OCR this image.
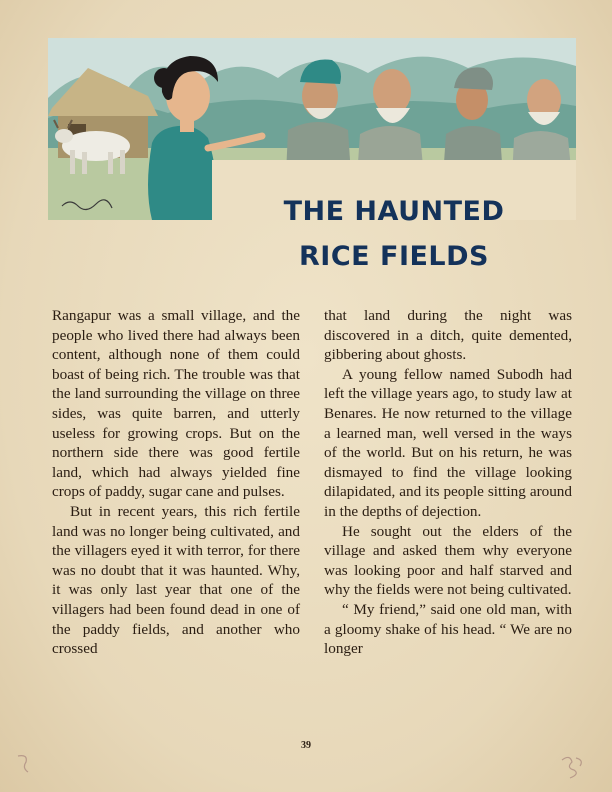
THE HAUNTED
RICE FIELDS

Rangapur was a small village, and the people who lived there had always been content, although none of them could boast of being rich. The trouble was that the land surrounding the village on three sides, was quite barren, and utterly useless for growing crops. But on the northern side there was good fertile land, which had always yielded fine crops of paddy, sugar cane and pulses.

But in recent years, this rich fertile land was no longer being cultivated, and the villagers eyed it with terror, for there was no doubt that it was haunted. Why, it was only last year that one of the villagers had been found dead in one of the paddy fields, and another who crossed

that land during the night was discovered in a ditch, quite demented, gibbering about ghosts.

A young fellow named Subodh had left the village years ago, to study law at Benares. He now returned to the village a learned man, well versed in the ways of the world. But on his return, he was dismayed to find the village looking dilapidated, and its people sitting around in the depths of dejection.

He sought out the elders of the village and asked them why everyone was looking poor and half starved and why the fields were not being cultivated.

“ My friend,” said one old man, with a gloomy shake of his head. “ We are no longer

39
